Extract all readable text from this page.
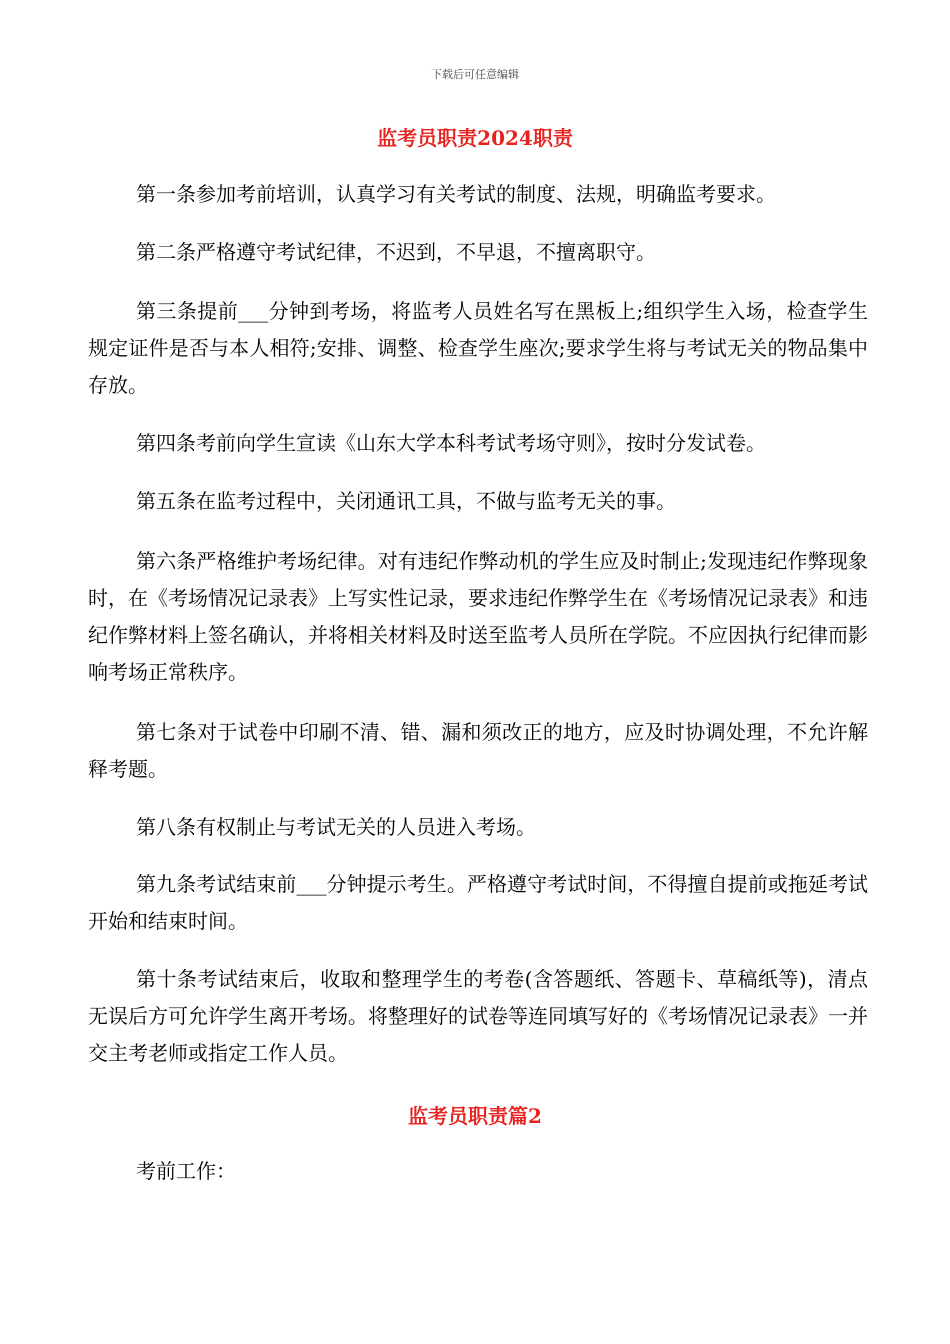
下载后可任意编辑
监考员职责2024职责

第一条参加考前培训，认真学习有关考试的制度、法规，明确监考要求。

第二条严格遵守考试纪律，不迟到，不早退，不擅离职守。

第三条提前___分钟到考场，将监考人员姓名写在黑板上;组织学生入场，检查学生规定证件是否与本人相符;安排、调整、检查学生座次;要求学生将与考试无关的物品集中存放。

第四条考前向学生宣读《山东大学本科考试考场守则》，按时分发试卷。

第五条在监考过程中，关闭通讯工具，不做与监考无关的事。

第六条严格维护考场纪律。对有违纪作弊动机的学生应及时制止;发现违纪作弊现象时，在《考场情况记录表》上写实性记录，要求违纪作弊学生在《考场情况记录表》和违纪作弊材料上签名确认，并将相关材料及时送至监考人员所在学院。不应因执行纪律而影响考场正常秩序。

第七条对于试卷中印刷不清、错、漏和须改正的地方，应及时协调处理，不允许解释考题。

第八条有权制止与考试无关的人员进入考场。

第九条考试结束前___分钟提示考生。严格遵守考试时间，不得擅自提前或拖延考试开始和结束时间。

第十条考试结束后，收取和整理学生的考卷(含答题纸、答题卡、草稿纸等)，清点无误后方可允许学生离开考场。将整理好的试卷等连同填写好的《考场情况记录表》一并交主考老师或指定工作人员。

监考员职责篇2

考前工作：
